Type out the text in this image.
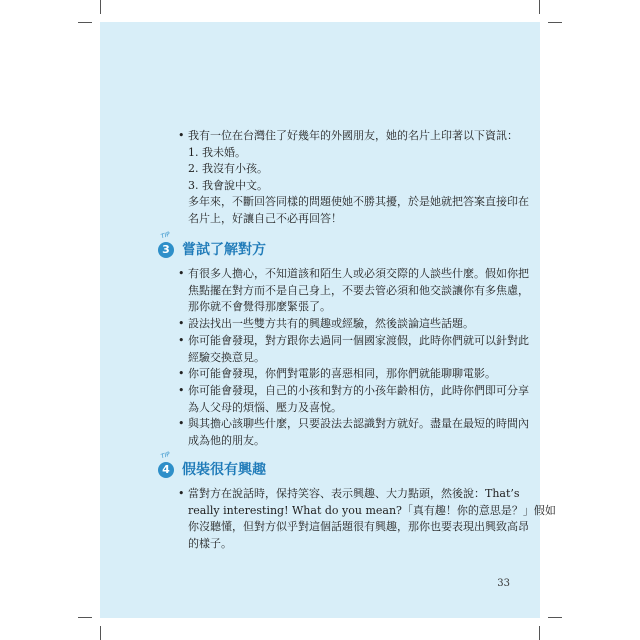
• 我有一位在台灣住了好幾年的外國朋友，她的名片上印著以下資訊：
1. 我未婚。
2. 我沒有小孩。
3. 我會說中文。
多年來，不斷回答同樣的問題使她不勝其擾，於是她就把答案直接印在
名片上，好讓自己不必再回答！
TIP
3 嘗試了解對方
• 有很多人擔心，不知道該和陌生人或必須交際的人談些什麼。假如你把
焦點擺在對方而不是自己身上，不要去管必須和他交談讓你有多焦慮，
那你就不會覺得那麼緊張了。
• 設法找出一些雙方共有的興趣或經驗，然後談論這些話題。
• 你可能會發現，對方跟你去過同一個國家渡假，此時你們就可以針對此
經驗交換意見。
• 你可能會發現，你們對電影的喜惡相同，那你們就能聊聊電影。
• 你可能會發現，自己的小孩和對方的小孩年齡相仿，此時你們即可分享
為人父母的煩惱、壓力及喜悅。
• 與其擔心該聊些什麼，只要設法去認識對方就好。盡量在最短的時間內
成為他的朋友。
TIP
4 假裝很有興趣
• 當對方在說話時，保持笑容、表示興趣、大力點頭，然後說：That’s
really interesting! What do you mean?「真有趣！你的意思是？」假如
你沒聽懂，但對方似乎對這個話題很有興趣，那你也要表現出興致高昂
的樣子。
33
